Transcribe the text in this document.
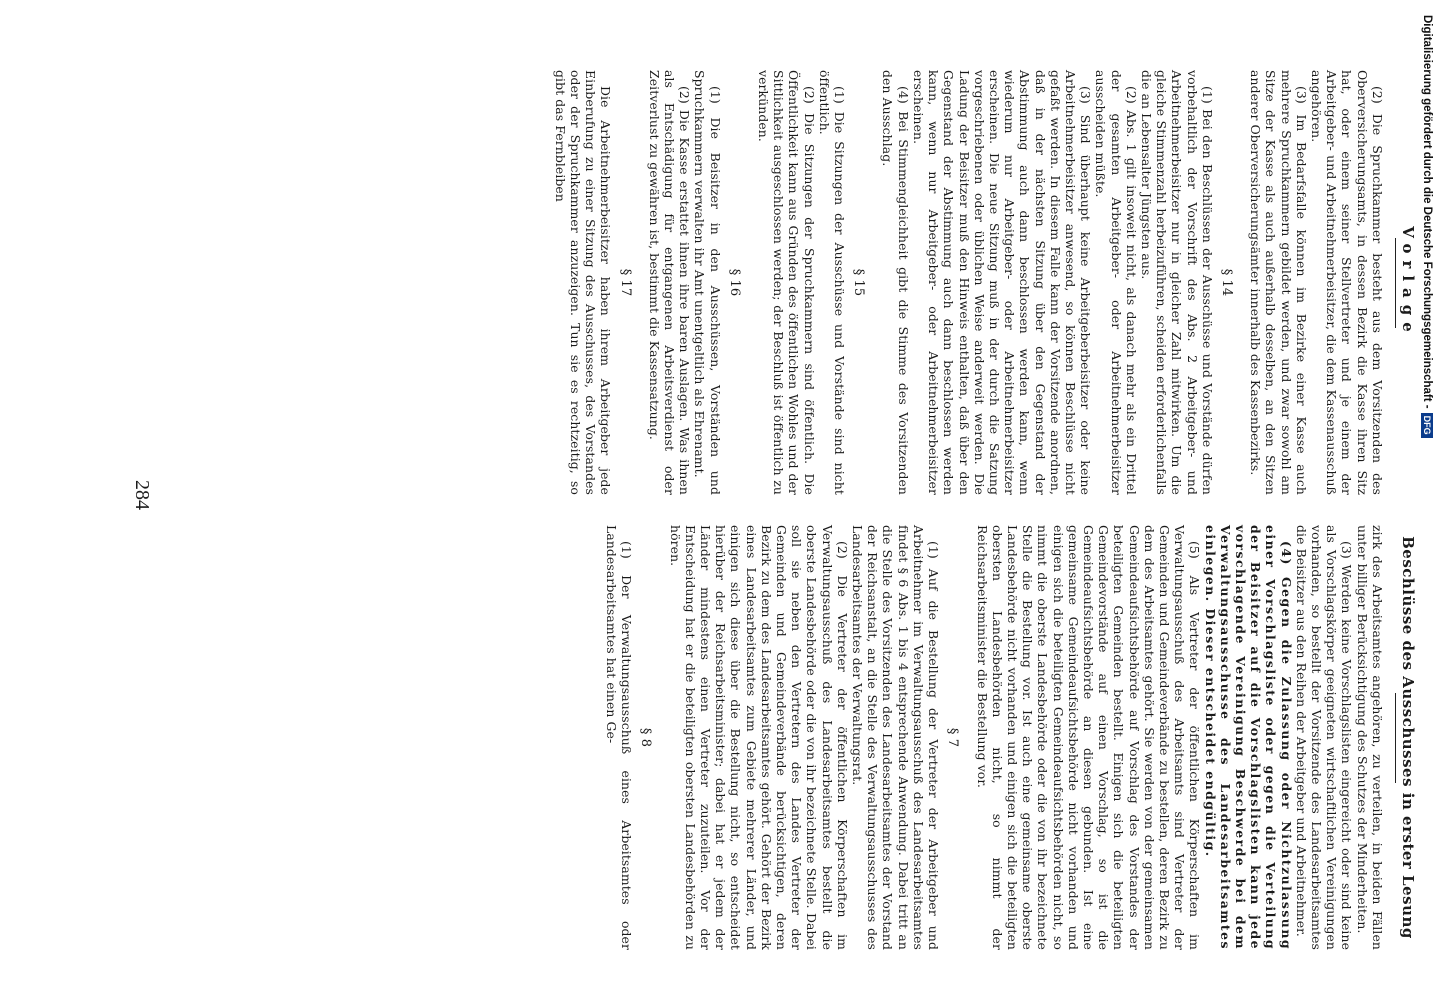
Digitalisierung gefördert durch die Deutsche Forschungsgemeinschaft -DFG
284
Vorlage

(2) Die Spruchkammer besteht aus dem Vorsitzenden des Oberversicherungsamts, in dessen Bezirk die Kasse ihren Sitz hat, oder einem seiner Stellvertreter und je einem der Arbeitgeber- und Arbeitnehmerbeisitzer, die dem Kassenausschuß angehören.

(3) Im Bedarfsfalle können im Bezirke einer Kasse auch mehrere Spruchkammern gebildet werden, und zwar sowohl am Sitze der Kasse als auch außerhalb desselben, an den Sitzen anderer Oberversicherungsämter innerhalb des Kassenbezirks.

§ 14

(1) Bei den Beschlüssen der Ausschüsse und Vorstände dürfen vorbehaltlich der Vorschrift des Abs. 2 Arbeitgeber- und Arbeitnehmerbeisitzer nur in gleicher Zahl mitwirken. Um die gleiche Stimmenzahl herbeizuführen, scheiden erforderlichenfalls die an Lebensalter Jüngsten aus.

(2) Abs. 1 gilt insoweit nicht, als danach mehr als ein Drittel der gesamten Arbeitgeber- oder Arbeitnehmerbeisitzer ausscheiden müßte.

(3) Sind überhaupt keine Arbeitgeberbeisitzer oder keine Arbeitnehmerbeisitzer anwesend, so können Beschlüsse nicht gefaßt werden. In diesem Falle kann der Vorsitzende anordnen, daß in der nächsten Sitzung über den Gegenstand der Abstimmung auch dann beschlossen werden kann, wenn wiederum nur Arbeitgeber- oder Arbeitnehmerbeisitzer erscheinen. Die neue Sitzung muß in der durch die Satzung vorgeschriebenen oder üblichen Weise anderweit werden. Die Ladung der Beisitzer muß den Hinweis enthalten, daß über den Gegenstand der Abstimmung auch dann beschlossen werden kann, wenn nur Arbeitgeber- oder Arbeitnehmerbeisitzer erscheinen.

(4) Bei Stimmengleichheit gibt die Stimme des Vorsitzenden den Ausschlag.

§ 15

(1) Die Sitzungen der Ausschüsse und Vorstände sind nicht öffentlich.

(2) Die Sitzungen der Spruchkammern sind öffentlich. Die Öffentlichkeit kann aus Gründen des öffentlichen Wohles und der Sittlichkeit ausgeschlossen werden; der Beschluß ist öffentlich zu verkünden.

§ 16

(1) Die Beisitzer in den Ausschüssen, Vorständen und Spruchkammern verwalten ihr Amt unentgeltlich als Ehrenamt.

(2) Die Kasse erstattet ihnen ihre baren Auslagen. Was ihnen als Entschädigung für entgangenen Arbeitsverdienst oder Zeitverlust zu gewähren ist, bestimmt die Kassensatzung.

§ 17

Die Arbeitnehmerbeisitzer haben ihrem Arbeitgeber jede Einberufung zu einer Sitzung des Ausschusses, des Vorstandes oder der Spruchkammer anzuzeigen. Tun sie es rechtzeitig, so gibt das Fernbleiben

Beschlüsse des Ausschusses in erster Lesung

zirk des Arbeitsamtes angehören, zu verteilen, in beiden Fällen unter billiger Berücksichtigung des Schutzes der Minderheiten.

(3) Werden keine Vorschlagslisten eingereicht oder sind keine als Vorschlagskörper geeigneten wirtschaftlichen Vereinigungen vorhanden, so bestellt der Vorsitzende des Landesarbeitsamtes die Beisitzer aus den Reihen der Arbeitgeber und Arbeitnehmer.

(4) Gegen die Zulassung oder Nichtzulassung einer Vorschlagsliste oder gegen die Verteilung der Beisitzer auf die Vorschlagslisten kann jede vorschlagende Vereinigung Beschwerde bei dem Verwaltungsausschusse des Landesarbeitsamtes einlegen. Dieser entscheidet endgültig.

(5) Als Vertreter der öffentlichen Körperschaften im Verwaltungsausschuß des Arbeitsamts sind Vertreter der Gemeinden und Gemeindeverbände zu bestellen, deren Bezirk zu dem des Arbeitsamtes gehört. Sie werden von der gemeinsamen Gemeindeaufsichtsbehörde auf Vorschlag des Vorstandes der beteiligten Gemeinden bestellt. Einigen sich die beteiligten Gemeindevorstände auf einen Vorschlag, so ist die Gemeindeaufsichtsbehörde an diesen gebunden. Ist eine gemeinsame Gemeindeaufsichtsbehörde nicht vorhanden und einigen sich die beteiligten Gemeindeaufsichtsbehörden nicht, so nimmt die oberste Landesbehörde oder die von ihr bezeichnete Stelle die Bestellung vor. Ist auch eine gemeinsame oberste Landesbehörde nicht vorhanden und einigen sich die beteiligten obersten Landesbehörden nicht, so nimmt der Reichsarbeitsminister die Bestellung vor.

§ 7

(1) Auf die Bestellung der Vertreter der Arbeitgeber und Arbeitnehmer im Verwaltungsausschuß des Landesarbeitsamtes findet § 6 Abs. 1 bis 4 entsprechende Anwendung. Dabei tritt an die Stelle des Vorsitzenden des Landesarbeitsamtes der Vorstand der Reichsanstalt, an die Stelle des Verwaltungsausschusses des Landesarbeitsamtes der Verwaltungsrat.

(2) Die Vertreter der öffentlichen Körperschaften im Verwaltungsausschuß des Landesarbeitsamtes bestellt die oberste Landesbehörde oder die von ihr bezeichnete Stelle. Dabei soll sie neben den Vertretern des Landes Vertreter der Gemeinden und Gemeindeverbände berücksichtigen, deren Bezirk zu dem des Landesarbeitsamtes gehört. Gehört der Bezirk eines Landesarbeitsamtes zum Gebiete mehrerer Länder, und einigen sich diese über die Bestellung nicht, so entscheidet hierüber der Reichsarbeitsminister; dabei hat er jedem der Länder mindestens einen Vertreter zuzuteilen. Vor der Entscheidung hat er die beteiligten obersten Landesbehörden zu hören.

§ 8

(1) Der Verwaltungsausschuß eines Arbeitsamtes oder Landesarbeitsamtes hat einen Ge-
